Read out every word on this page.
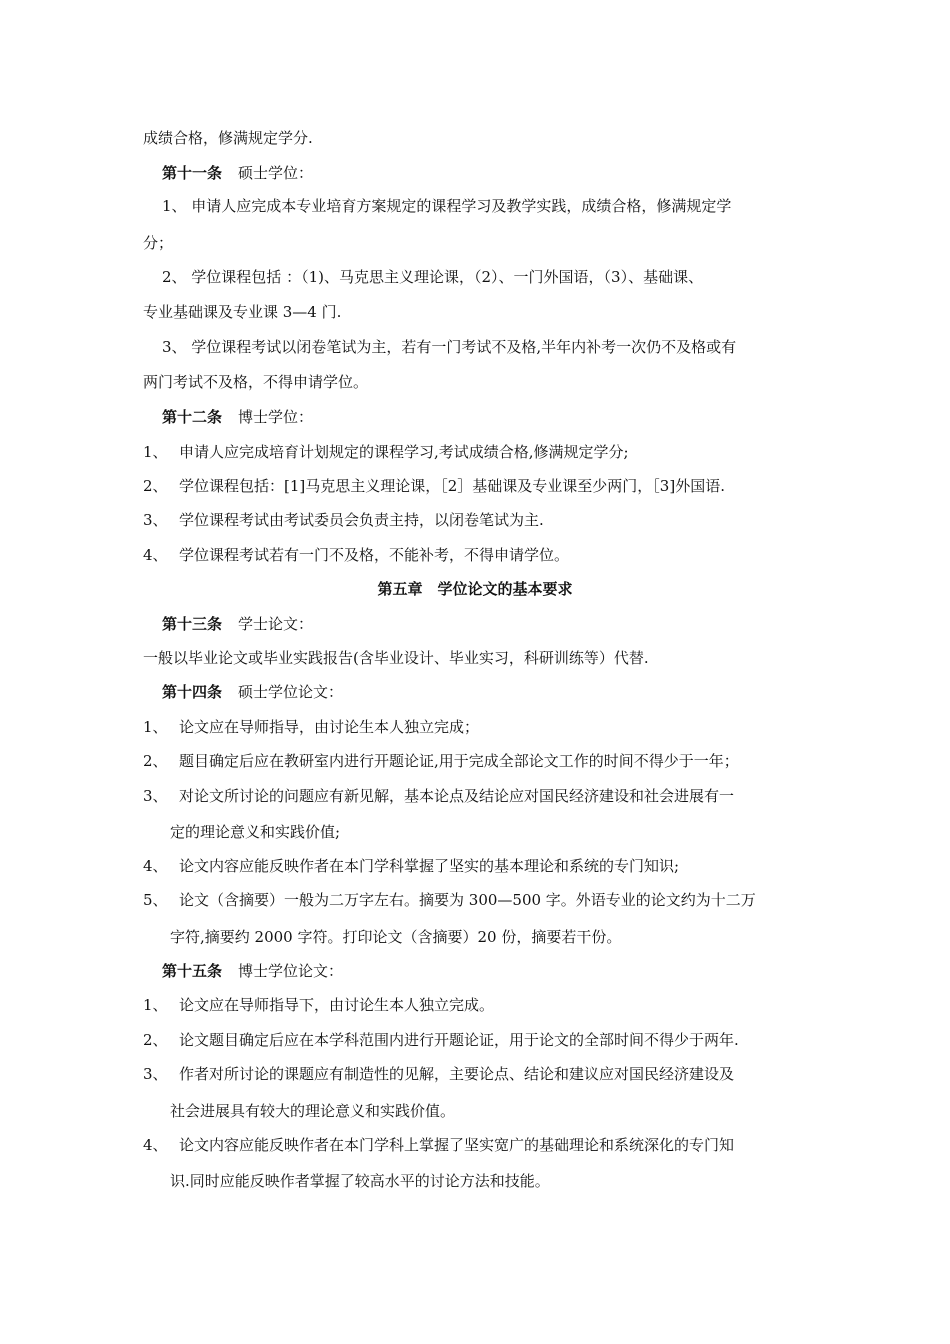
成绩合格，修满规定学分.
第十一条 硕士学位：
1、 申请人应完成本专业培育方案规定的课程学习及教学实践，成绩合格，修满规定学
分；
2、 学位课程包括 ：（1)、马克思主义理论课，（2）、一门外国语，（3）、基础课、
专业基础课及专业课 3—4 门.
3、 学位课程考试以闭卷笔试为主，若有一门考试不及格,半年内补考一次仍不及格或有
两门考试不及格，不得申请学位。
第十二条 博士学位：
1、 申请人应完成培育计划规定的课程学习,考试成绩合格,修满规定学分;
2、 学位课程包括：[1]马克思主义理论课，［2］基础课及专业课至少两门，［3]外国语.
3、 学位课程考试由考试委员会负责主持，以闭卷笔试为主.
4、 学位课程考试若有一门不及格，不能补考，不得申请学位。
第五章　学位论文的基本要求
第十三条 学士论文：
一般以毕业论文或毕业实践报告(含毕业设计、毕业实习，科研训练等）代替.
第十四条 硕士学位论文：
1、 论文应在导师指导，由讨论生本人独立完成；
2、 题目确定后应在教研室内进行开题论证,用于完成全部论文工作的时间不得少于一年；
3、 对论文所讨论的问题应有新见解，基本论点及结论应对国民经济建设和社会进展有一
定的理论意义和实践价值;
4、 论文内容应能反映作者在本门学科掌握了坚实的基本理论和系统的专门知识;
5、 论文（含摘要）一般为二万字左右。摘要为 300—500 字。外语专业的论文约为十二万
字符,摘要约 2000 字符。打印论文（含摘要）20 份，摘要若干份。
第十五条 博士学位论文：
1、 论文应在导师指导下，由讨论生本人独立完成。
2、 论文题目确定后应在本学科范围内进行开题论证，用于论文的全部时间不得少于两年.
3、 作者对所讨论的课题应有制造性的见解，主要论点、结论和建议应对国民经济建设及
社会进展具有较大的理论意义和实践价值。
4、 论文内容应能反映作者在本门学科上掌握了坚实宽广的基础理论和系统深化的专门知
识.同时应能反映作者掌握了较高水平的讨论方法和技能。
